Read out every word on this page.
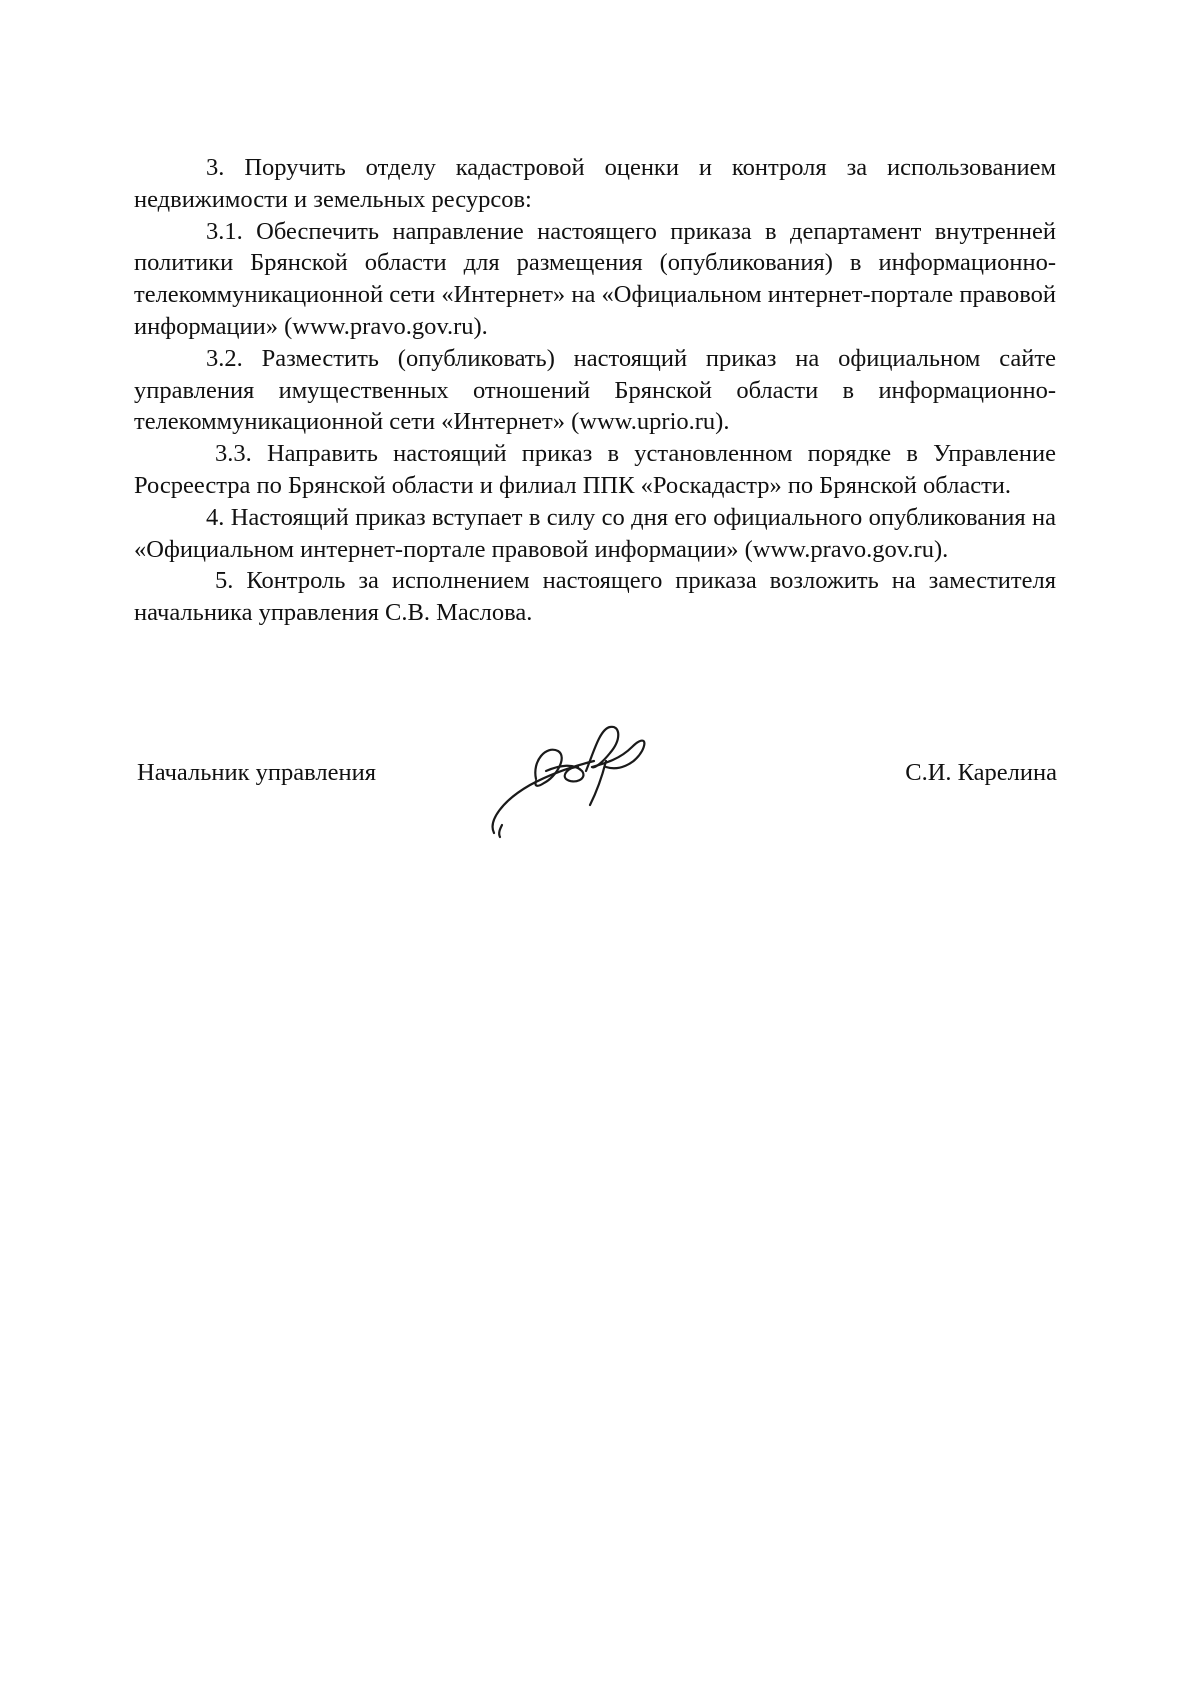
3. Поручить отделу кадастровой оценки и контроля за использованием недвижимости и земельных ресурсов:

3.1. Обеспечить направление настоящего приказа в департамент внутренней политики Брянской области для размещения (опубликования) в информационно-телекоммуникационной сети «Интернет» на «Официальном интернет-портале правовой информации» (www.pravo.gov.ru).

3.2. Разместить (опубликовать) настоящий приказ на официальном сайте управления имущественных отношений Брянской области в информационно-телекоммуникационной сети «Интернет» (www.uprio.ru).

3.3. Направить настоящий приказ в установленном порядке в Управление Росреестра по Брянской области и филиал ППК «Роскадастр» по Брянской области.

4. Настоящий приказ вступает в силу со дня его официального опубликования на «Официальном интернет-портале правовой информации» (www.pravo.gov.ru).

5. Контроль за исполнением настоящего приказа возложить на заместителя начальника управления С.В. Маслова.

Начальник управления	С.И. Карелина
